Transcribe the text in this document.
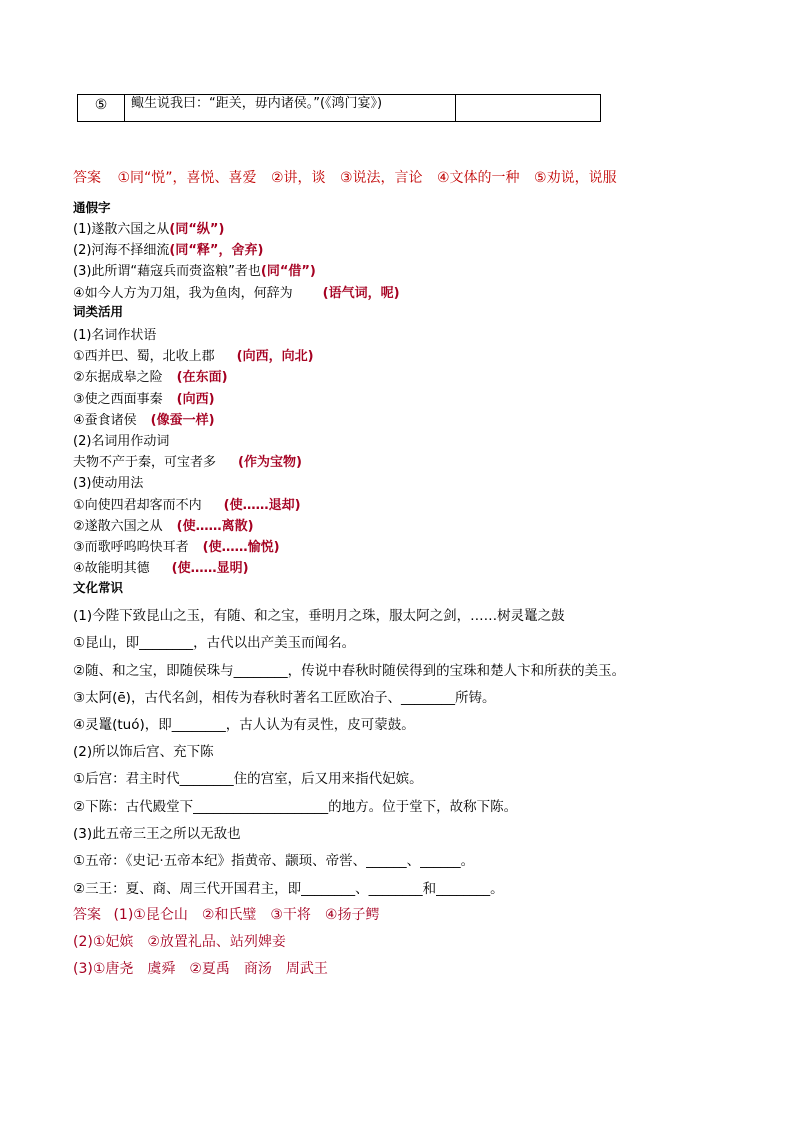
⑤	鲰生说我曰：“距关，毋内诸侯。”(《鸿门宴》)
答案 ①同“悦”，喜悦、喜爱 ②讲，谈 ③说法，言论 ④文体的一种 ⑤劝说，说服
通假字
(1)遂散六国之从(同“纵”)
(2)河海不择细流(同“释”，舍弃)
(3)此所谓“藉寇兵而赍盗粮”者也(同“借”)
④如今人方为刀俎，我为鱼肉，何辞为 (语气词，呢)
词类活用
(1)名词作状语
①西并巴、蜀，北收上郡 (向西，向北)
②东据成皋之险 (在东面)
③使之西面事秦 (向西)
④蚕食诸侯 (像蚕一样)
(2)名词用作动词
夫物不产于秦，可宝者多 (作为宝物)
(3)使动用法
①向使四君却客而不内 (使……退却)
②遂散六国之从 (使……离散)
③而歌呼呜呜快耳者 (使……愉悦)
④故能明其德 (使……显明)
文化常识
(1)今陛下致昆山之玉，有随、和之宝，垂明月之珠，服太阿之剑，……树灵鼍之鼓
①昆山，即________，古代以出产美玉而闻名。
②随、和之宝，即随侯珠与________，传说中春秋时随侯得到的宝珠和楚人卞和所获的美玉。
③太阿(ē)，古代名剑，相传为春秋时著名工匠欧冶子、________所铸。
④灵鼍(tuó)，即________，古人认为有灵性，皮可蒙鼓。
(2)所以饰后宫、充下陈
①后宫：君主时代________住的宫室，后又用来指代妃嫔。
②下陈：古代殿堂下____________________的地方。位于堂下，故称下陈。
(3)此五帝三王之所以无敌也
①五帝：《史记·五帝本纪》指黄帝、颛顼、帝喾、______、______。
②三王：夏、商、周三代开国君主，即________、________和________。
答案 (1)①昆仑山　②和氏璧　③干将　④扬子鳄
(2)①妃嫔　②放置礼品、站列婢妾
(3)①唐尧　虞舜　②夏禹　商汤　周武王
